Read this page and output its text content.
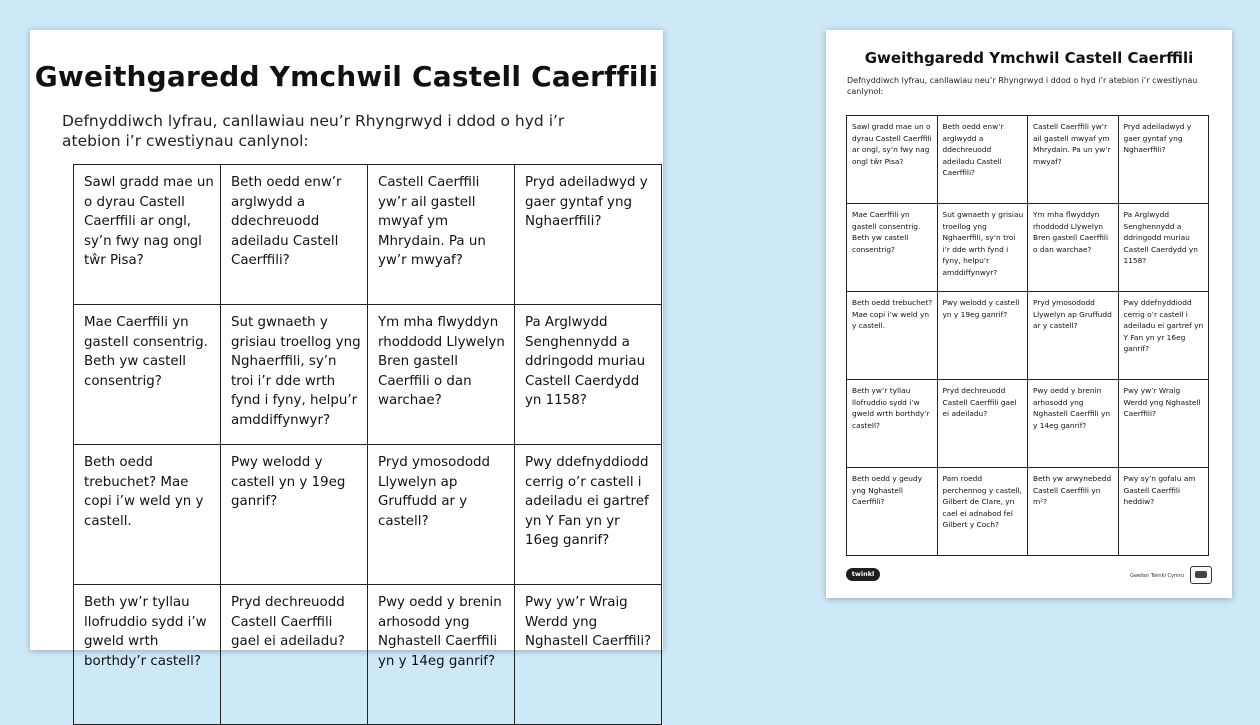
Gweithgaredd Ymchwil Castell Caerffili

Defnyddiwch lyfrau, canllawiau neu’r Rhyngrwyd i ddod o hyd i’r atebion i’r cwestiynau canlynol:

Sawl gradd mae un o dyrau Castell Caerffili ar ongl, sy’n fwy nag ongl tŵr Pisa?	Beth oedd enw’r arglwydd a ddechreuodd adeiladu Castell Caerffili?	Castell Caerffili yw’r ail gastell mwyaf ym Mhrydain. Pa un yw’r mwyaf?	Pryd adeiladwyd y gaer gyntaf yng Nghaerffili?
Mae Caerffili yn gastell consentrig. Beth yw castell consentrig?	Sut gwnaeth y grisiau troellog yng Nghaerffili, sy’n troi i’r dde wrth fynd i fyny, helpu’r amddiffynwyr?	Ym mha flwyddyn rhoddodd Llywelyn Bren gastell Caerffili o dan warchae?	Pa Arglwydd Senghennydd a ddringodd muriau Castell Caerdydd yn 1158?
Beth oedd trebuchet? Mae copi i’w weld yn y castell.	Pwy welodd y castell yn y 19eg ganrif?	Pryd ymosododd Llywelyn ap Gruffudd ar y castell?	Pwy ddefnyddiodd cerrig o’r castell i adeiladu ei gartref yn Y Fan yn yr 16eg ganrif?
Beth yw’r tyllau llofruddio sydd i’w gweld wrth borthdy’r castell?	Pryd dechreuodd Castell Caerffili gael ei adeiladu?	Pwy oedd y brenin arhosodd yng Nghastell Caerffili yn y 14eg ganrif?	Pwy yw’r Wraig Werdd yng Nghastell Caerffili?
Gweithgaredd Ymchwil Castell Caerffili

Defnyddiwch lyfrau, canllawiau neu’r Rhyngrwyd i ddod o hyd i’r atebion i’r cwestiynau canlynol:

Sawl gradd mae un o dyrau Castell Caerffili ar ongl, sy’n fwy nag ongl tŵr Pisa?	Beth oedd enw’r arglwydd a ddechreuodd adeiladu Castell Caerffili?	Castell Caerffili yw’r ail gastell mwyaf ym Mhrydain. Pa un yw’r mwyaf?	Pryd adeiladwyd y gaer gyntaf yng Nghaerffili?
Mae Caerffili yn gastell consentrig. Beth yw castell consentrig?	Sut gwnaeth y grisiau troellog yng Nghaerffili, sy’n troi i’r dde wrth fynd i fyny, helpu’r amddiffynwyr?	Ym mha flwyddyn rhoddodd Llywelyn Bren gastell Caerffili o dan warchae?	Pa Arglwydd Senghennydd a ddringodd muriau Castell Caerdydd yn 1158?
Beth oedd trebuchet? Mae copi i’w weld yn y castell.	Pwy welodd y castell yn y 19eg ganrif?	Pryd ymosododd Llywelyn ap Gruffudd ar y castell?	Pwy ddefnyddiodd cerrig o’r castell i adeiladu ei gartref yn Y Fan yn yr 16eg ganrif?
Beth yw’r tyllau llofruddio sydd i’w gweld wrth borthdy’r castell?	Pryd dechreuodd Castell Caerffili gael ei adeiladu?	Pwy oedd y brenin arhosodd yng Nghastell Caerffili yn y 14eg ganrif?	Pwy yw’r Wraig Werdd yng Nghastell Caerffili?
Beth oedd y geudy yng Nghastell Caerffili?	Pam roedd perchennog y castell, Gilbert de Clare, yn cael ei adnabod fel Gilbert y Coch?	Beth yw arwynebedd Castell Caerffili yn m²?	Pwy sy’n gofalu am Gastell Caerffili heddiw?
twinkl	Gwefan Twinkl Cymru
